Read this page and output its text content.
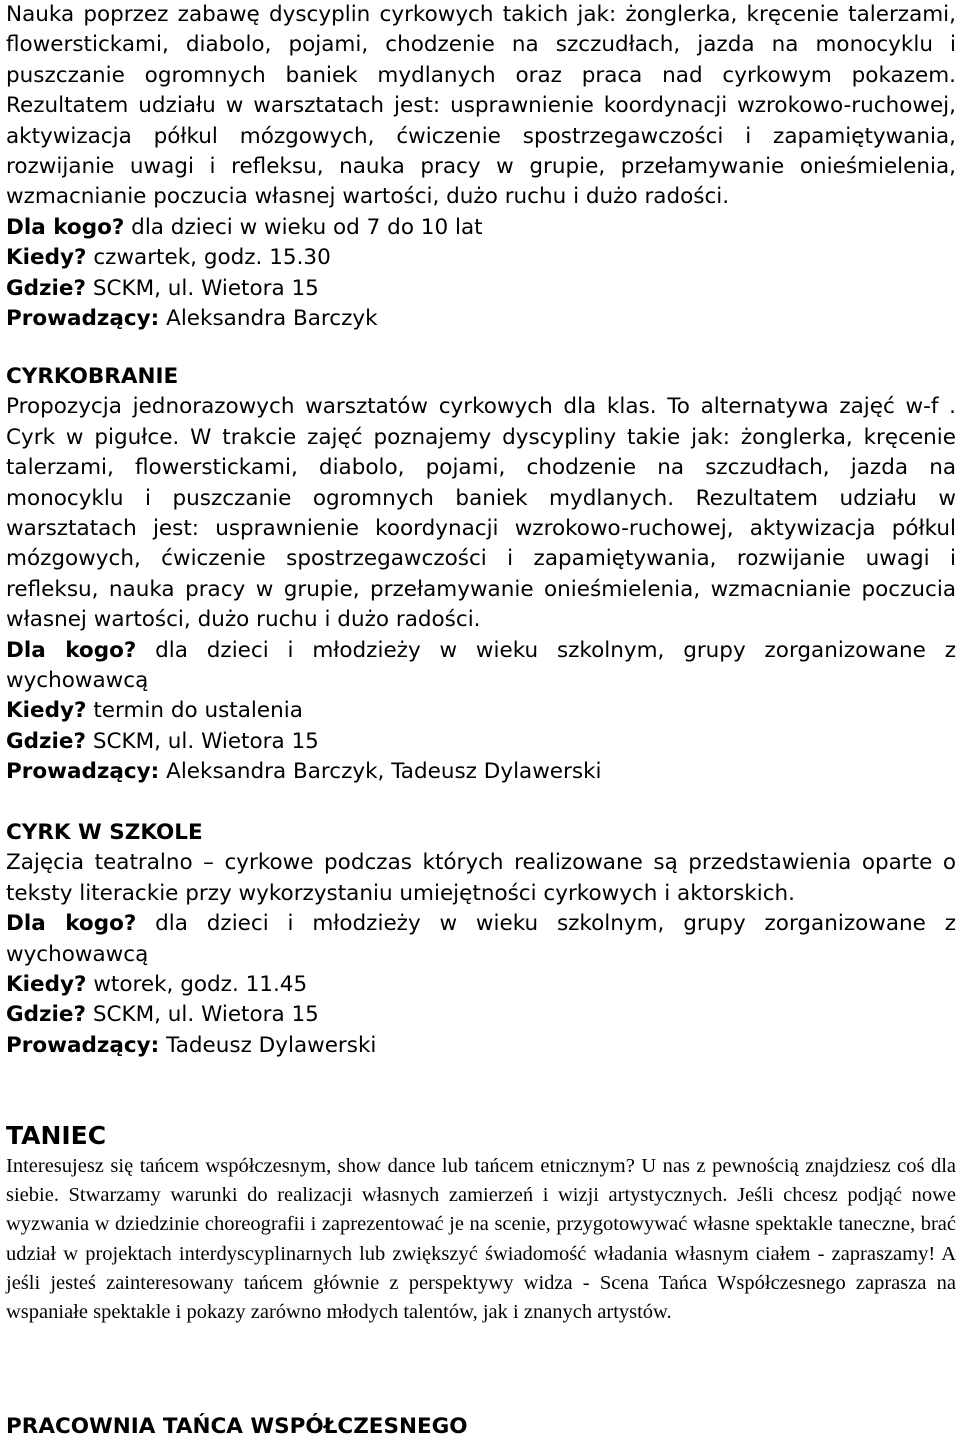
Nauka poprzez zabawę dyscyplin cyrkowych takich jak: żonglerka, kręcenie talerzami, flowerstickami, diabolo, pojami, chodzenie na szczudłach, jazda na monocyklu i puszczanie ogromnych baniek mydlanych oraz praca nad cyrkowym pokazem. Rezultatem udziału w warsztatach jest: usprawnienie koordynacji wzrokowo-ruchowej, aktywizacja półkul mózgowych, ćwiczenie spostrzegawczości i zapamiętywania, rozwijanie uwagi i refleksu, nauka pracy w grupie, przełamywanie onieśmielenia, wzmacnianie poczucia własnej wartości, dużo ruchu i dużo radości.

Dla kogo? dla dzieci w wieku od 7 do 10 lat

Kiedy? czwartek, godz. 15.30

Gdzie? SCKM, ul. Wietora 15

Prowadzący: Aleksandra Barczyk

CYRKOBRANIE

Propozycja jednorazowych warsztatów cyrkowych dla klas. To alternatywa zajęć w-f . Cyrk w pigułce. W trakcie zajęć poznajemy dyscypliny takie jak: żonglerka, kręcenie talerzami, flowerstickami, diabolo, pojami, chodzenie na szczudłach, jazda na monocyklu i puszczanie ogromnych baniek mydlanych. Rezultatem udziału w warsztatach jest: usprawnienie koordynacji wzrokowo-ruchowej, aktywizacja półkul mózgowych, ćwiczenie spostrzegawczości i zapamiętywania, rozwijanie uwagi i refleksu, nauka pracy w grupie, przełamywanie onieśmielenia, wzmacnianie poczucia własnej wartości, dużo ruchu i dużo radości.

Dla kogo? dla dzieci i młodzieży w wieku szkolnym, grupy zorganizowane z wychowawcą

Kiedy? termin do ustalenia

Gdzie? SCKM, ul. Wietora 15

Prowadzący: Aleksandra Barczyk, Tadeusz Dylawerski

CYRK W SZKOLE

Zajęcia teatralno – cyrkowe podczas których realizowane są przedstawienia oparte o teksty literackie przy wykorzystaniu umiejętności cyrkowych i aktorskich.

Dla kogo? dla dzieci i młodzieży w wieku szkolnym, grupy zorganizowane z wychowawcą

Kiedy? wtorek, godz. 11.45

Gdzie? SCKM, ul. Wietora 15

Prowadzący: Tadeusz Dylawerski

TANIEC

Interesujesz się tańcem współczesnym, show dance lub tańcem etnicznym? U nas z pewnością znajdziesz coś dla siebie. Stwarzamy warunki do realizacji własnych zamierzeń i wizji artystycznych. Jeśli chcesz podjąć nowe wyzwania w dziedzinie choreografii i zaprezentować je na scenie, przygotowywać własne spektakle taneczne, brać udział w projektach interdyscyplinarnych lub zwiększyć świadomość władania własnym ciałem - zapraszamy! A jeśli jesteś zainteresowany tańcem głównie z perspektywy widza - Scena Tańca Współczesnego zaprasza na wspaniałe spektakle i pokazy zarówno młodych talentów, jak i znanych artystów.

PRACOWNIA TAŃCA WSPÓŁCZESNEGO
